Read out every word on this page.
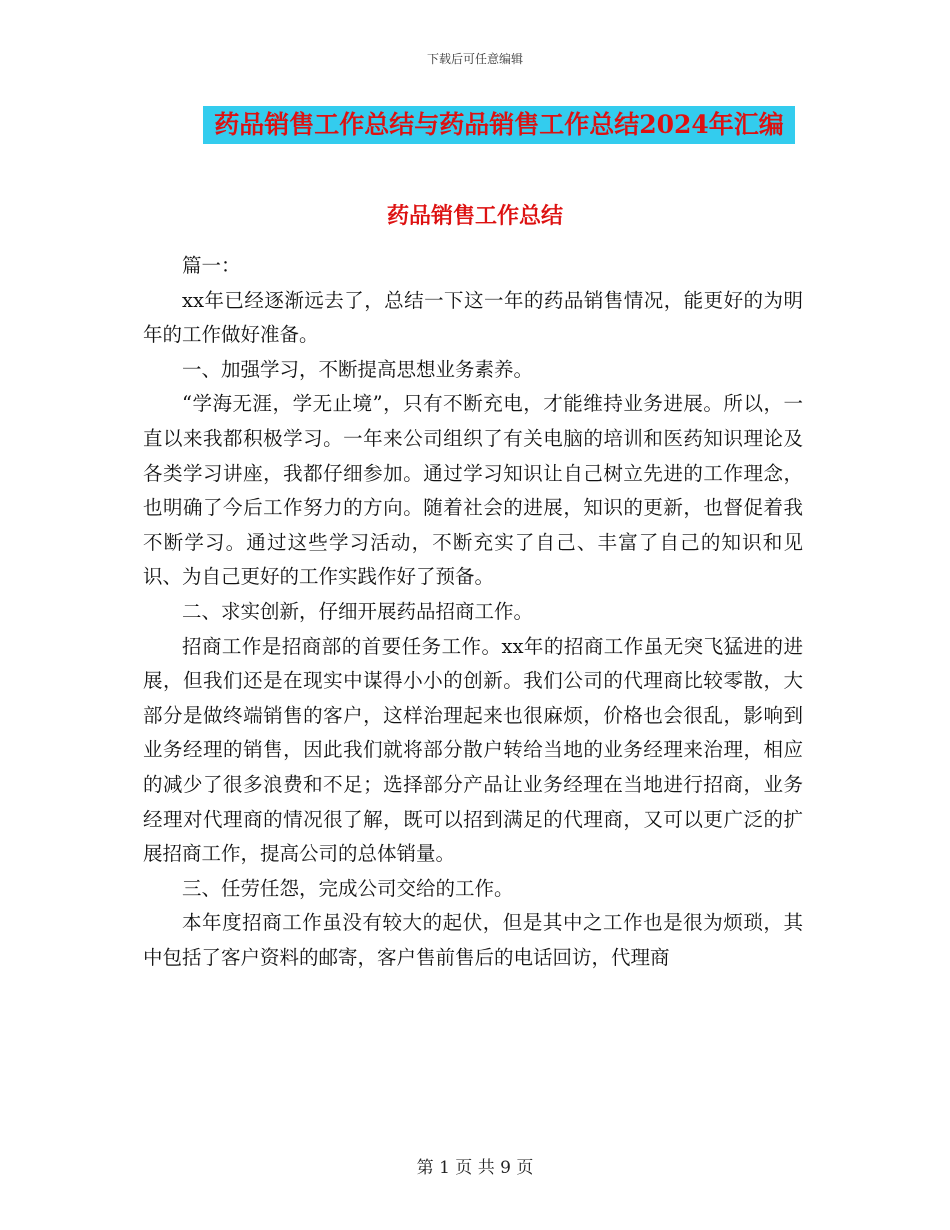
下载后可任意编辑
药品销售工作总结与药品销售工作总结2024年汇编
药品销售工作总结

篇一：

xx年已经逐渐远去了，总结一下这一年的药品销售情况，能更好的为明年的工作做好准备。

一、加强学习，不断提高思想业务素养。

“学海无涯，学无止境”，只有不断充电，才能维持业务进展。所以，一直以来我都积极学习。一年来公司组织了有关电脑的培训和医药知识理论及各类学习讲座，我都仔细参加。通过学习知识让自己树立先进的工作理念，也明确了今后工作努力的方向。随着社会的进展，知识的更新，也督促着我不断学习。通过这些学习活动，不断充实了自己、丰富了自己的知识和见识、为自己更好的工作实践作好了预备。

二、求实创新，仔细开展药品招商工作。

招商工作是招商部的首要任务工作。xx年的招商工作虽无突飞猛进的进展，但我们还是在现实中谋得小小的创新。我们公司的代理商比较零散，大部分是做终端销售的客户，这样治理起来也很麻烦，价格也会很乱，影响到业务经理的销售，因此我们就将部分散户转给当地的业务经理来治理，相应的减少了很多浪费和不足；选择部分产品让业务经理在当地进行招商，业务经理对代理商的情况很了解，既可以招到满足的代理商，又可以更广泛的扩展招商工作，提高公司的总体销量。

三、任劳任怨，完成公司交给的工作。

本年度招商工作虽没有较大的起伏，但是其中之工作也是很为烦琐，其中包括了客户资料的邮寄，客户售前售后的电话回访，代理商

第 1 页 共 9 页
